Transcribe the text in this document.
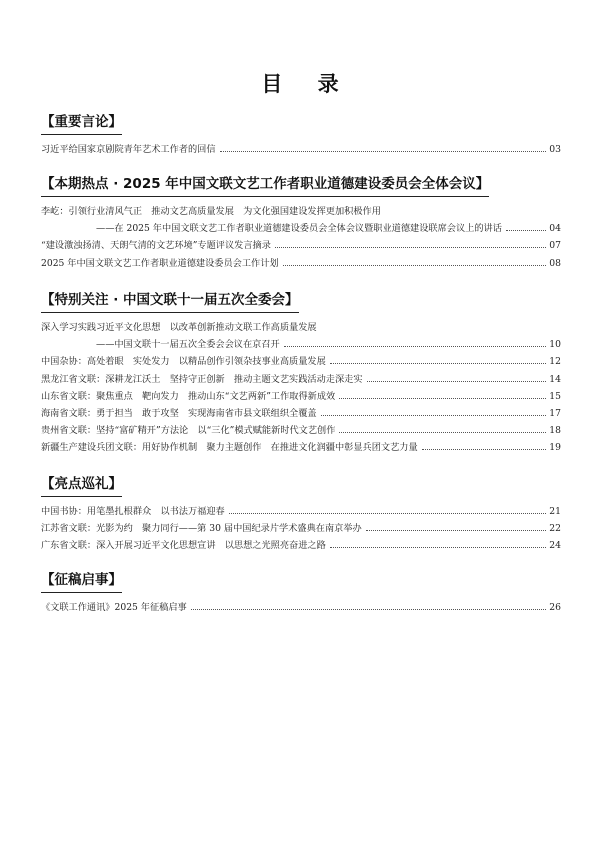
目 录
【重要言论】
习近平给国家京剧院青年艺术工作者的回信	03
【本期热点 · 2025 年中国文联文艺工作者职业道德建设委员会全体会议】
李屹：引领行业清风气正　推动文艺高质量发展　为文化强国建设发挥更加积极作用
——在 2025 年中国文联文艺工作者职业道德建设委员会全体会议暨职业道德建设联席会议上的讲话	04
“建设激浊扬清、天朗气清的文艺环境”专题评议发言摘录	07
2025 年中国文联文艺工作者职业道德建设委员会工作计划	08
【特别关注 · 中国文联十一届五次全委会】
深入学习实践习近平文化思想　以改革创新推动文联工作高质量发展
——中国文联十一届五次全委会会议在京召开	10
中国杂协：高处着眼　实处发力　以精品创作引领杂技事业高质量发展	12
黑龙江省文联：深耕龙江沃土　坚持守正创新　推动主题文艺实践活动走深走实	14
山东省文联：聚焦重点　靶向发力　推动山东“文艺两新”工作取得新成效	15
海南省文联：勇于担当　敢于攻坚　实现海南省市县文联组织全覆盖	17
贵州省文联：坚持“富矿精开”方法论　以“三化”模式赋能新时代文艺创作	18
新疆生产建设兵团文联：用好协作机制　聚力主题创作　在推进文化润疆中彰显兵团文艺力量	19
【亮点巡礼】
中国书协：用笔墨扎根群众　以书法万福迎春	21
江苏省文联：光影为约　聚力同行——第 30 届中国纪录片学术盛典在南京举办	22
广东省文联：深入开展习近平文化思想宣讲　以思想之光照亮奋进之路	24
【征稿启事】
《文联工作通讯》2025 年征稿启事	26
